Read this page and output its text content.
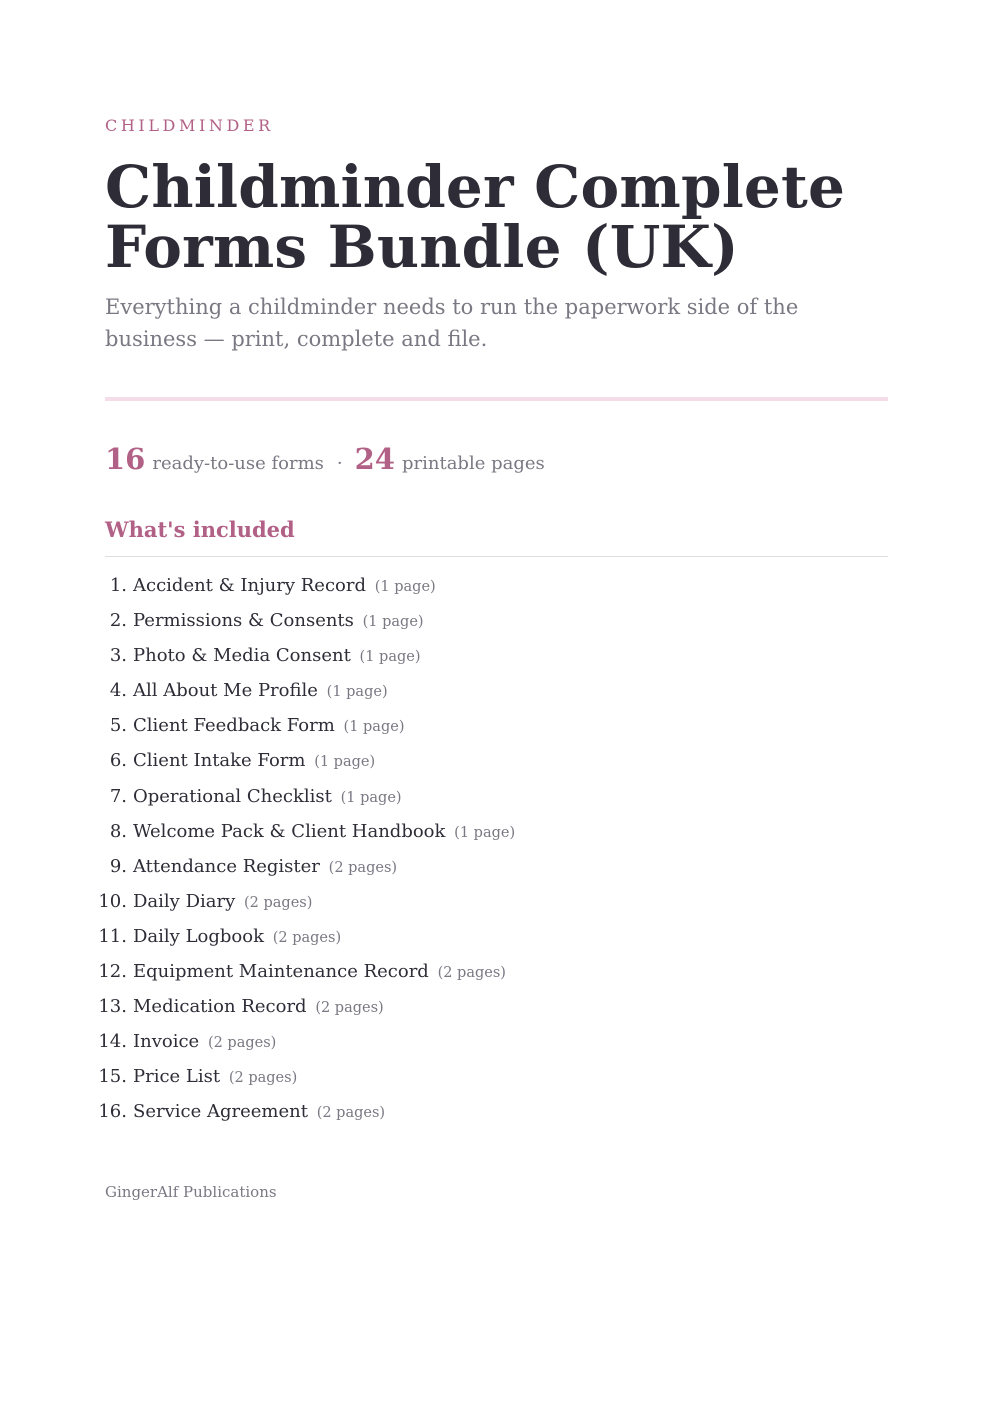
CHILDMINDER
Childminder Complete Forms Bundle (UK)

Everything a childminder needs to run the paperwork side of the business — print, complete and file.

16 ready-to-use forms · 24 printable pages
What's included
1. Accident & Injury Record (1 page)
2. Permissions & Consents (1 page)
3. Photo & Media Consent (1 page)
4. All About Me Profile (1 page)
5. Client Feedback Form (1 page)
6. Client Intake Form (1 page)
7. Operational Checklist (1 page)
8. Welcome Pack & Client Handbook (1 page)
9. Attendance Register (2 pages)
10. Daily Diary (2 pages)
11. Daily Logbook (2 pages)
12. Equipment Maintenance Record (2 pages)
13. Medication Record (2 pages)
14. Invoice (2 pages)
15. Price List (2 pages)
16. Service Agreement (2 pages)
GingerAlf Publications
